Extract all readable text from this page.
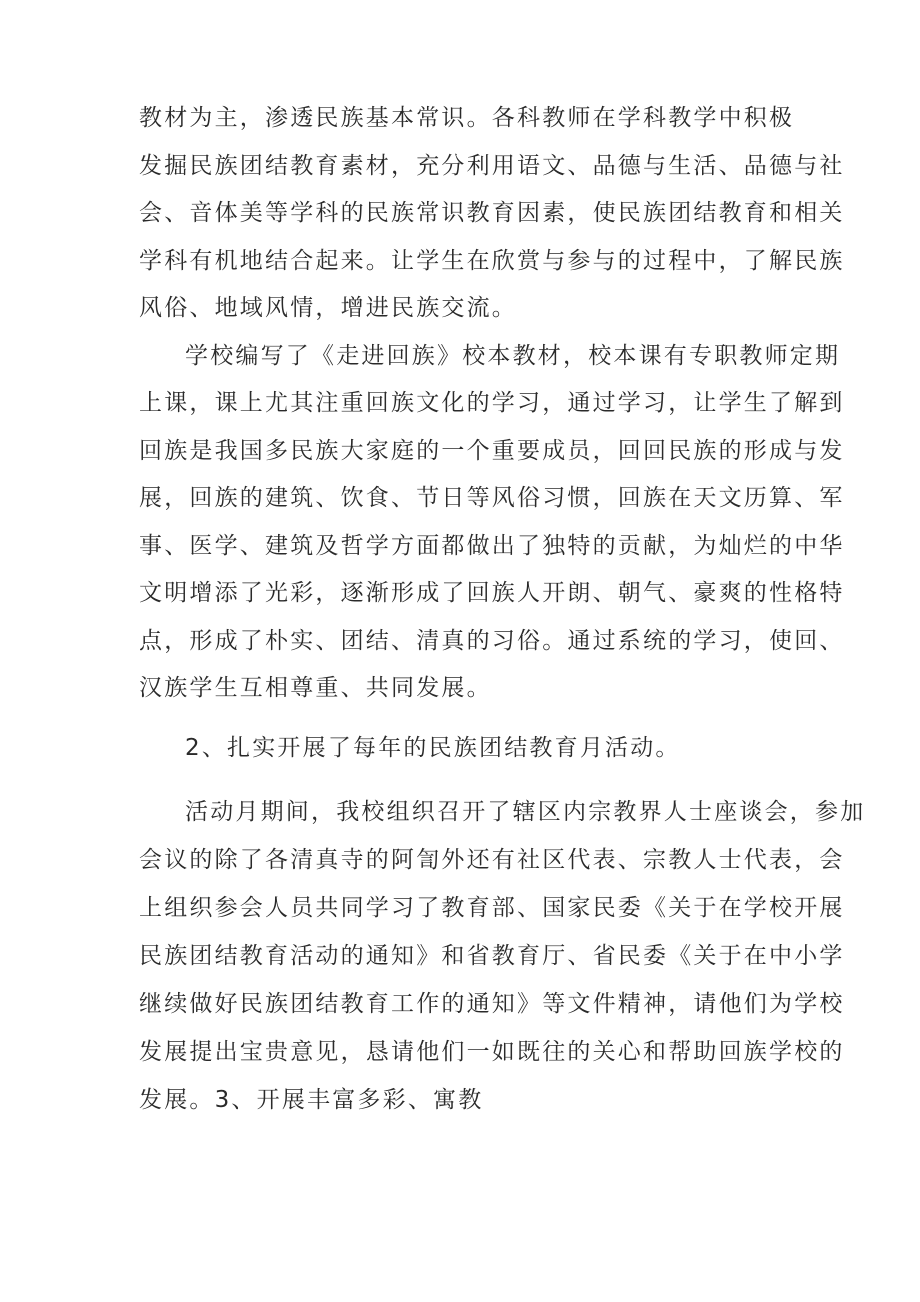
教材为主，渗透民族基本常识。各科教师在学科教学中积极

发掘民族团结教育素材，充分利用语文、品德与生活、品德与社

会、音体美等学科的民族常识教育因素，使民族团结教育和相关

学科有机地结合起来。让学生在欣赏与参与的过程中，了解民族

风俗、地域风情，增进民族交流。

学校编写了《走进回族》校本教材，校本课有专职教师定期

上课，课上尤其注重回族文化的学习，通过学习，让学生了解到

回族是我国多民族大家庭的一个重要成员，回回民族的形成与发

展，回族的建筑、饮食、节日等风俗习惯，回族在天文历算、军

事、医学、建筑及哲学方面都做出了独特的贡献，为灿烂的中华

文明增添了光彩，逐渐形成了回族人开朗、朝气、豪爽的性格特

点，形成了朴实、团结、清真的习俗。通过系统的学习，使回、

汉族学生互相尊重、共同发展。

2、扎实开展了每年的民族团结教育月活动。

活动月期间，我校组织召开了辖区内宗教界人士座谈会，参加

会议的除了各清真寺的阿訇外还有社区代表、宗教人士代表，会

上组织参会人员共同学习了教育部、国家民委《关于在学校开展

民族团结教育活动的通知》和省教育厅、省民委《关于在中小学

继续做好民族团结教育工作的通知》等文件精神，请他们为学校

发展提出宝贵意见，恳请他们一如既往的关心和帮助回族学校的

发展。3、开展丰富多彩、寓教
